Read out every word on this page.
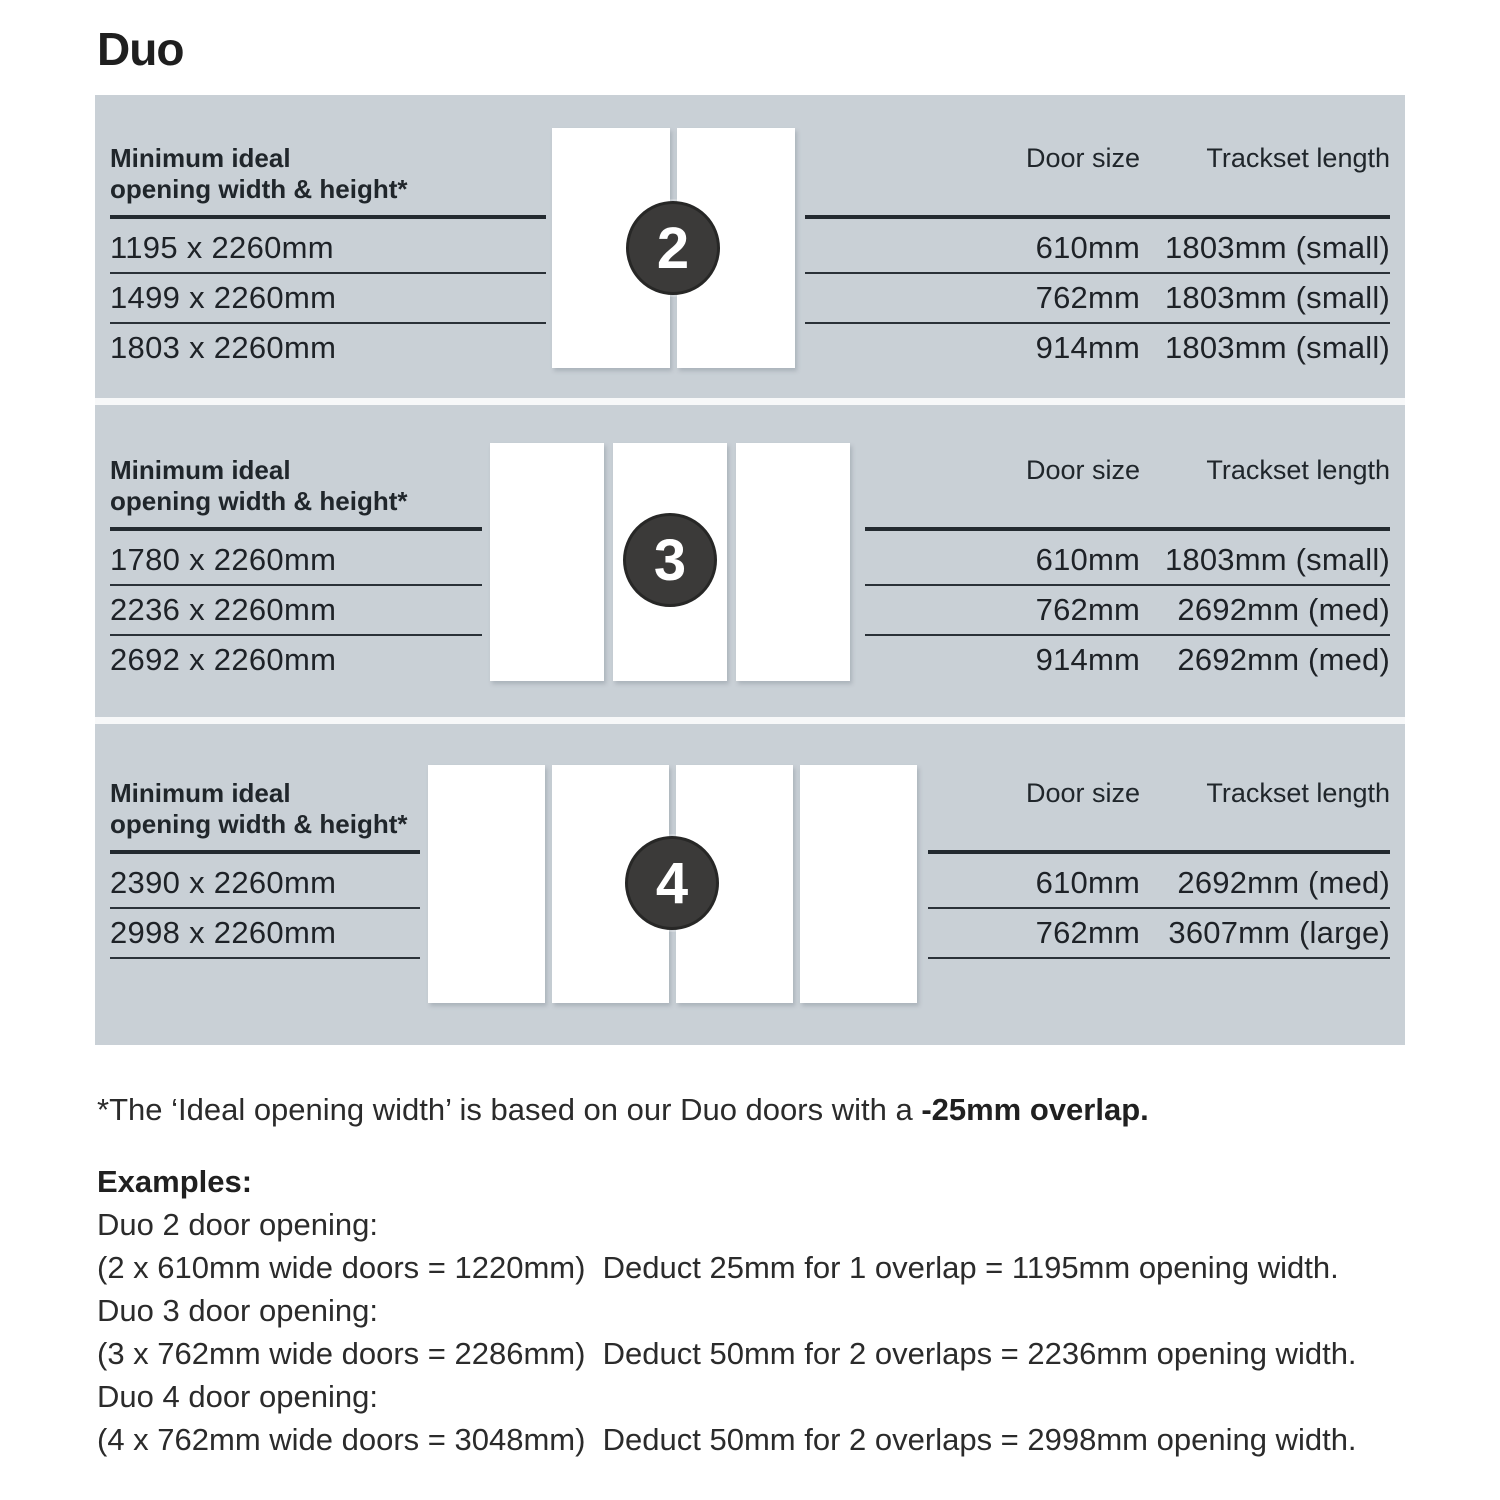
Duo
Minimum ideal
opening width & height*
1195 x 2260mm
1499 x 2260mm
1803 x 2260mm
2
Door size	Trackset length
610mm 1803mm (small)
762mm 1803mm (small)
914mm 1803mm (small)
Minimum ideal
opening width & height*
1780 x 2260mm
2236 x 2260mm
2692 x 2260mm
3
Door size	Trackset length
610mm 1803mm (small)
762mm	2692mm (med)
914mm	2692mm (med)
Minimum ideal
opening width & height*
2390 x 2260mm
2998 x 2260mm
4
Door size	Trackset length
610mm	2692mm (med)
762mm 3607mm (large)
*The ‘Ideal opening width’ is based on our Duo doors with a -25mm overlap.
Examples:
Duo 2 door opening:
(2 x 610mm wide doors = 1220mm)  Deduct 25mm for 1 overlap = 1195mm opening width.
Duo 3 door opening:
(3 x 762mm wide doors = 2286mm)  Deduct 50mm for 2 overlaps = 2236mm opening width.
Duo 4 door opening:
(4 x 762mm wide doors = 3048mm)  Deduct 50mm for 2 overlaps = 2998mm opening width.
